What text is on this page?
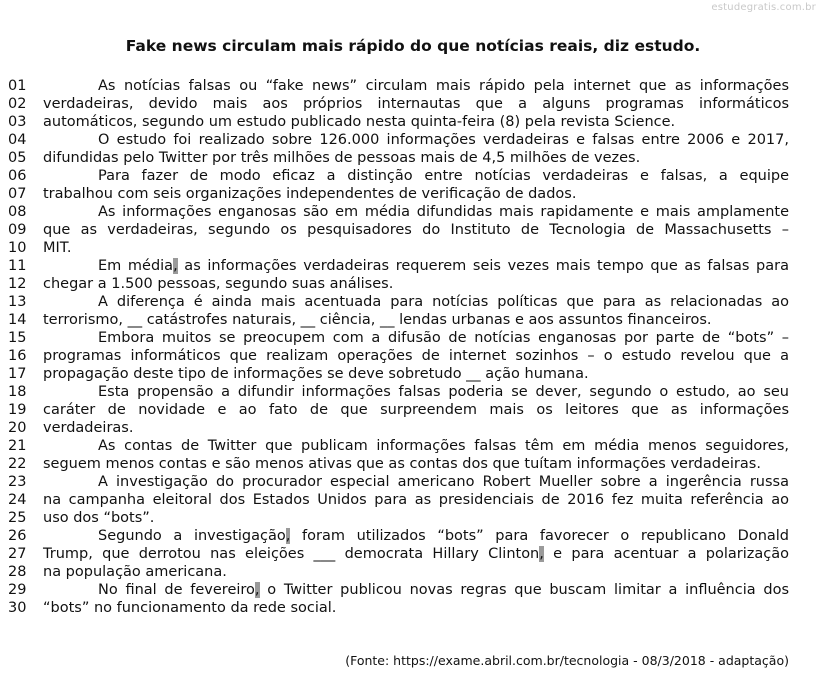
estudegratis.com.br
Fake news circulam mais rápido do que notícias reais, diz estudo.
01	As notícias falsas ou “fake news” circulam mais rápido pela internet que as informações
02	verdadeiras, devido mais aos próprios internautas que a alguns programas informáticos
03	automáticos, segundo um estudo publicado nesta quinta-feira (8) pela revista Science.
04	O estudo foi realizado sobre 126.000 informações verdadeiras e falsas entre 2006 e 2017,
05	difundidas pelo Twitter por três milhões de pessoas mais de 4,5 milhões de vezes.
06	Para fazer de modo eficaz a distinção entre notícias verdadeiras e falsas, a equipe
07	trabalhou com seis organizações independentes de verificação de dados.
08	As informações enganosas são em média difundidas mais rapidamente e mais amplamente
09	que as verdadeiras, segundo os pesquisadores do Instituto de Tecnologia de Massachusetts –
10	MIT.
11	Em média, as informações verdadeiras requerem seis vezes mais tempo que as falsas para
12	chegar a 1.500 pessoas, segundo suas análises.
13	A diferença é ainda mais acentuada para notícias políticas que para as relacionadas ao
14	terrorismo, __ catástrofes naturais, __ ciência, __ lendas urbanas e aos assuntos financeiros.
15	Embora muitos se preocupem com a difusão de notícias enganosas por parte de “bots” –
16	programas informáticos que realizam operações de internet sozinhos – o estudo revelou que a
17	propagação deste tipo de informações se deve sobretudo __ ação humana.
18	Esta propensão a difundir informações falsas poderia se dever, segundo o estudo, ao seu
19	caráter de novidade e ao fato de que surpreendem mais os leitores que as informações
20	verdadeiras.
21	As contas de Twitter que publicam informações falsas têm em média menos seguidores,
22	seguem menos contas e são menos ativas que as contas dos que tuítam informações verdadeiras.
23	A investigação do procurador especial americano Robert Mueller sobre a ingerência russa
24	na campanha eleitoral dos Estados Unidos para as presidenciais de 2016 fez muita referência ao
25	uso dos “bots”.
26	Segundo a investigação, foram utilizados “bots” para favorecer o republicano Donald
27	Trump, que derrotou nas eleições ___ democrata Hillary Clinton, e para acentuar a polarização
28	na população americana.
29	No final de fevereiro, o Twitter publicou novas regras que buscam limitar a influência dos
30	“bots” no funcionamento da rede social.
(Fonte: https://exame.abril.com.br/tecnologia - 08/3/2018 - adaptação)
